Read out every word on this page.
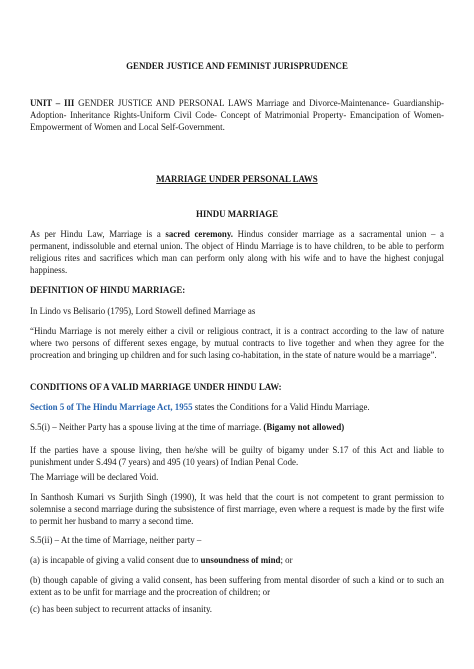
GENDER JUSTICE AND FEMINIST JURISPRUDENCE

UNIT – III GENDER JUSTICE AND PERSONAL LAWS Marriage and Divorce-Maintenance- Guardianship- Adoption- Inheritance Rights-Uniform Civil Code- Concept of Matrimonial Property- Emancipation of Women-Empowerment of Women and Local Self-Government.

MARRIAGE UNDER PERSONAL LAWS

HINDU MARRIAGE

As per Hindu Law, Marriage is a sacred ceremony. Hindus consider marriage as a sacramental union – a permanent, indissoluble and eternal union. The object of Hindu Marriage is to have children, to be able to perform religious rites and sacrifices which man can perform only along with his wife and to have the highest conjugal happiness.

DEFINITION OF HINDU MARRIAGE:

In Lindo vs Belisario (1795), Lord Stowell defined Marriage as

“Hindu Marriage is not merely either a civil or religious contract, it is a contract according to the law of nature where two persons of different sexes engage, by mutual contracts to live together and when they agree for the procreation and bringing up children and for such lasing co-habitation, in the state of nature would be a marriage”.

CONDITIONS OF A VALID MARRIAGE UNDER HINDU LAW:

Section 5 of The Hindu Marriage Act, 1955 states the Conditions for a Valid Hindu Marriage.

S.5(i) – Neither Party has a spouse living at the time of marriage. (Bigamy not allowed)

If the parties have a spouse living, then he/she will be guilty of bigamy under S.17 of this Act and liable to punishment under S.494 (7 years) and 495 (10 years) of Indian Penal Code.

The Marriage will be declared Void.

In Santhosh Kumari vs Surjith Singh (1990), It was held that the court is not competent to grant permission to solemnise a second marriage during the subsistence of first marriage, even where a request is made by the first wife to permit her husband to marry a second time.

S.5(ii) – At the time of Marriage, neither party –

(a) is incapable of giving a valid consent due to unsoundness of mind; or

(b) though capable of giving a valid consent, has been suffering from mental disorder of such a kind or to such an extent as to be unfit for marriage and the procreation of children; or

(c) has been subject to recurrent attacks of insanity.
